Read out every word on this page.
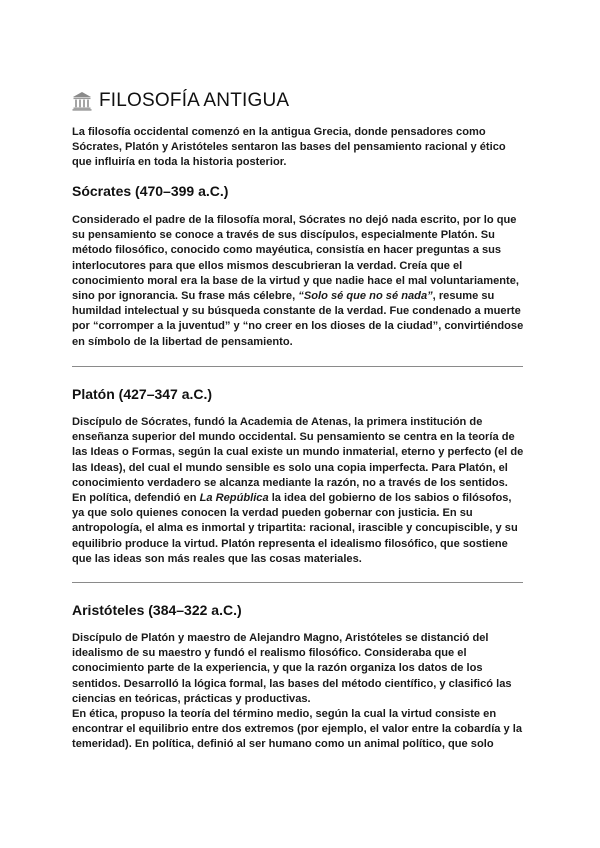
FILOSOFÍA ANTIGUA

La filosofía occidental comenzó en la antigua Grecia, donde pensadores como
Sócrates, Platón y Aristóteles sentaron las bases del pensamiento racional y ético
que influiría en toda la historia posterior.

Sócrates (470–399 a.C.)

Considerado el padre de la filosofía moral, Sócrates no dejó nada escrito, por lo que
su pensamiento se conoce a través de sus discípulos, especialmente Platón. Su
método filosófico, conocido como mayéutica, consistía en hacer preguntas a sus
interlocutores para que ellos mismos descubrieran la verdad. Creía que el
conocimiento moral era la base de la virtud y que nadie hace el mal voluntariamente,
sino por ignorancia. Su frase más célebre, “Solo sé que no sé nada”, resume su
humildad intelectual y su búsqueda constante de la verdad. Fue condenado a muerte
por “corromper a la juventud” y “no creer en los dioses de la ciudad”, convirtiéndose
en símbolo de la libertad de pensamiento.

Platón (427–347 a.C.)

Discípulo de Sócrates, fundó la Academia de Atenas, la primera institución de
enseñanza superior del mundo occidental. Su pensamiento se centra en la teoría de
las Ideas o Formas, según la cual existe un mundo inmaterial, eterno y perfecto (el de
las Ideas), del cual el mundo sensible es solo una copia imperfecta. Para Platón, el
conocimiento verdadero se alcanza mediante la razón, no a través de los sentidos.
En política, defendió en La República la idea del gobierno de los sabios o filósofos,
ya que solo quienes conocen la verdad pueden gobernar con justicia. En su
antropología, el alma es inmortal y tripartita: racional, irascible y concupiscible, y su
equilibrio produce la virtud. Platón representa el idealismo filosófico, que sostiene
que las ideas son más reales que las cosas materiales.

Aristóteles (384–322 a.C.)

Discípulo de Platón y maestro de Alejandro Magno, Aristóteles se distanció del
idealismo de su maestro y fundó el realismo filosófico. Consideraba que el
conocimiento parte de la experiencia, y que la razón organiza los datos de los
sentidos. Desarrolló la lógica formal, las bases del método científico, y clasificó las
ciencias en teóricas, prácticas y productivas.
En ética, propuso la teoría del término medio, según la cual la virtud consiste en
encontrar el equilibrio entre dos extremos (por ejemplo, el valor entre la cobardía y la
temeridad). En política, definió al ser humano como un animal político, que solo
